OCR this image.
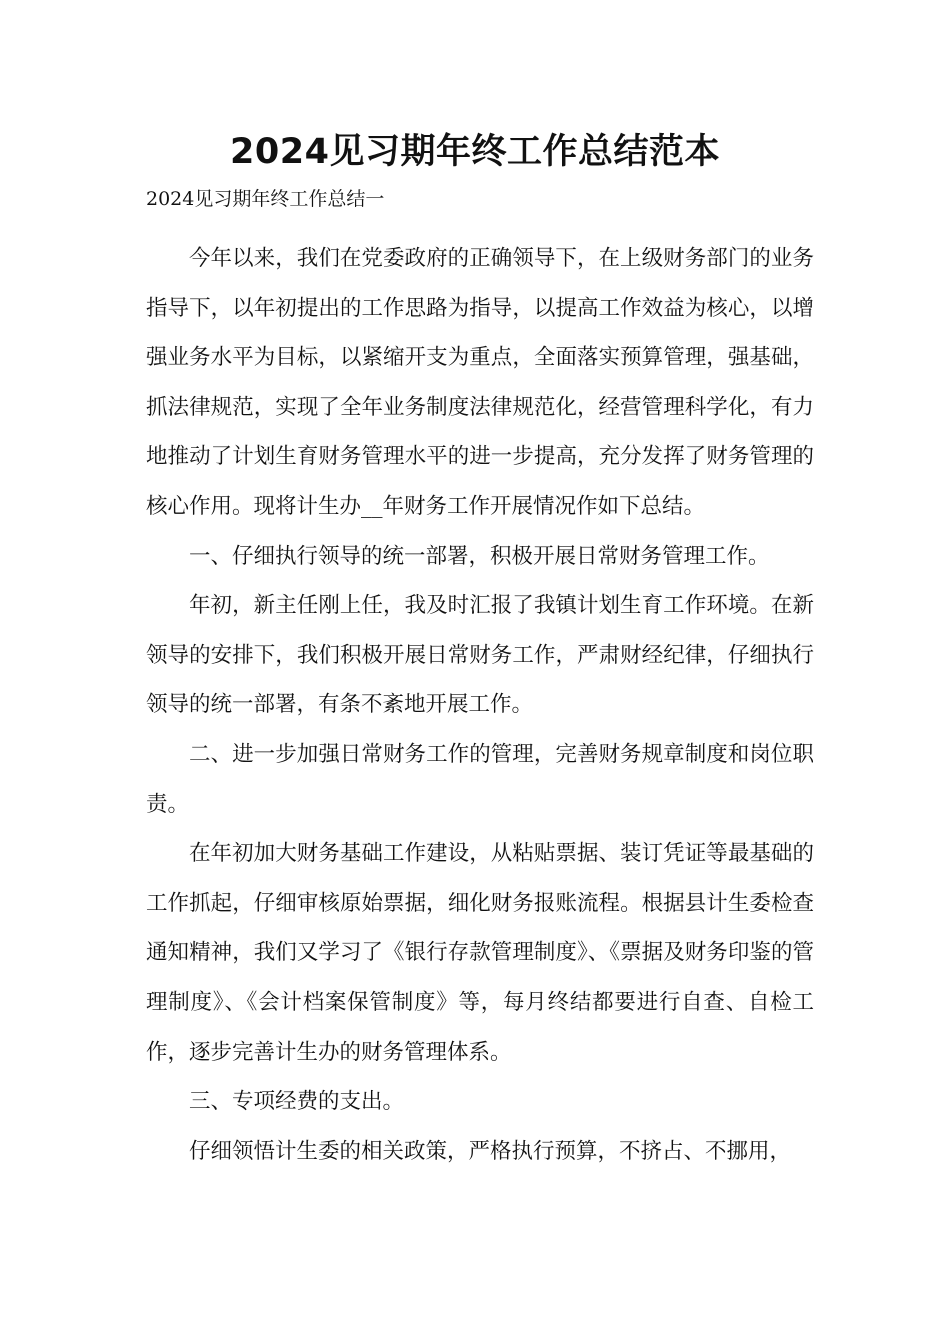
2024见习期年终工作总结范本

2024见习期年终工作总结一

今年以来，我们在党委政府的正确领导下，在上级财务部门的业务指导下，以年初提出的工作思路为指导，以提高工作效益为核心，以增强业务水平为目标，以紧缩开支为重点，全面落实预算管理，强基础，抓法律规范，实现了全年业务制度法律规范化，经营管理科学化，有力地推动了计划生育财务管理水平的进一步提高，充分发挥了财务管理的核心作用。现将计生办__年财务工作开展情况作如下总结。

一、仔细执行领导的统一部署，积极开展日常财务管理工作。

年初，新主任刚上任，我及时汇报了我镇计划生育工作环境。在新领导的安排下，我们积极开展日常财务工作，严肃财经纪律，仔细执行领导的统一部署，有条不紊地开展工作。

二、进一步加强日常财务工作的管理，完善财务规章制度和岗位职责。

在年初加大财务基础工作建设，从粘贴票据、装订凭证等最基础的工作抓起，仔细审核原始票据，细化财务报账流程。根据县计生委检查通知精神，我们又学习了《银行存款管理制度》、《票据及财务印鉴的管理制度》、《会计档案保管制度》等，每月终结都要进行自查、自检工作，逐步完善计生办的财务管理体系。

三、专项经费的支出。

仔细领悟计生委的相关政策，严格执行预算，不挤占、不挪用，
